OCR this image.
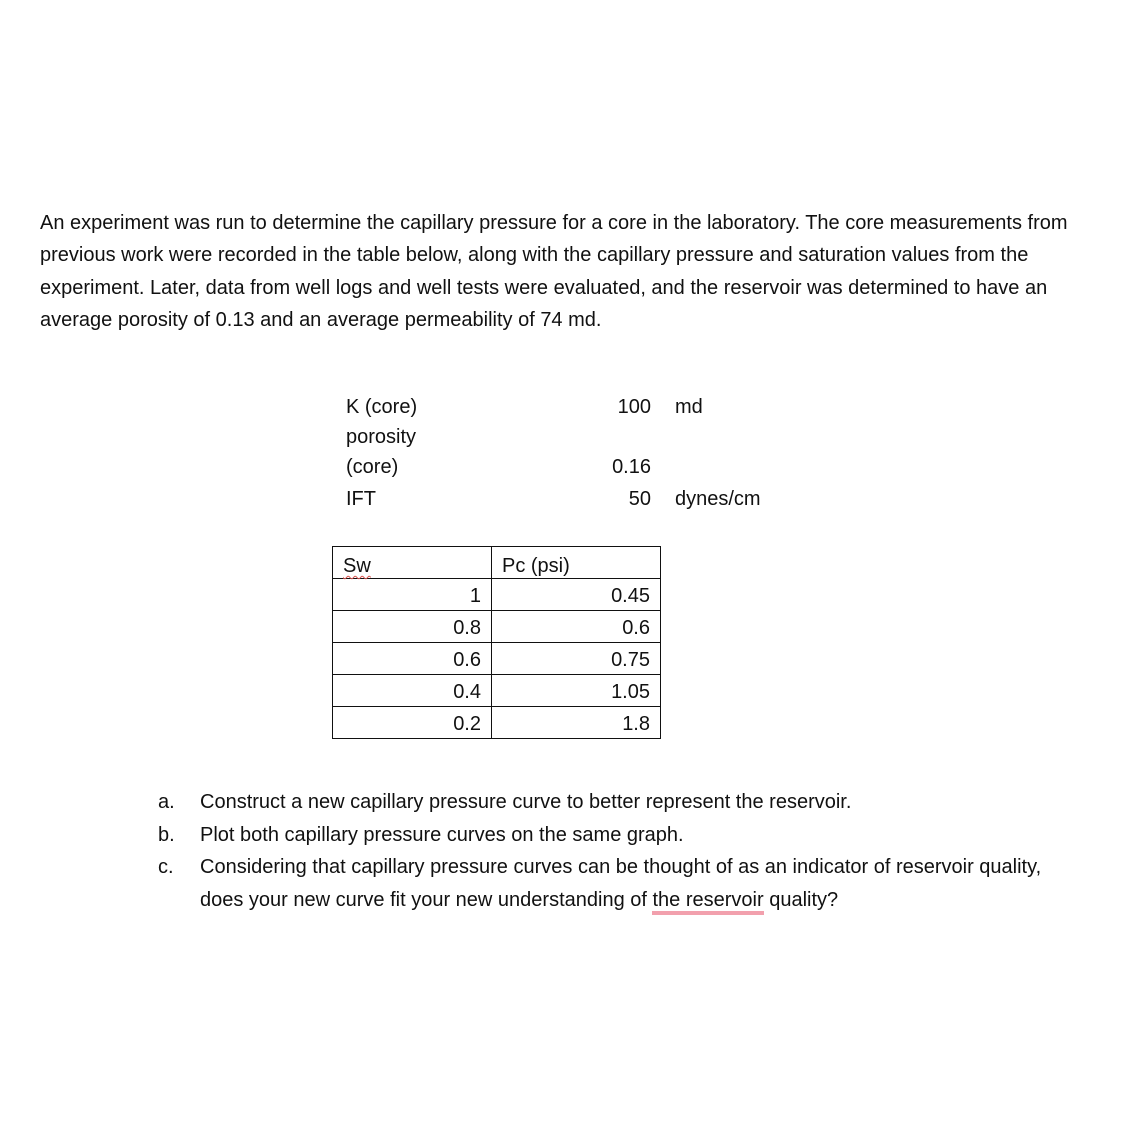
An experiment was run to determine the capillary pressure for a core in the laboratory. The core measurements from previous work were recorded in the table below, along with the capillary pressure and saturation values from the experiment. Later, data from well logs and well tests were evaluated, and the reservoir was determined to have an average porosity of 0.13 and an average permeability of 74 md.

K (core)	100 md
porosity
(core)	0.16
IFT	50 dynes/cm
Sw	Pc (psi)
1	0.45
0.8	0.6
0.6	0.75
0.4	1.05
0.2	1.8
a. Construct a new capillary pressure curve to better represent the reservoir.
b. Plot both capillary pressure curves on the same graph.
c. Considering that capillary pressure curves can be thought of as an indicator of reservoir quality, does your new curve fit your new understanding of the reservoir quality?
